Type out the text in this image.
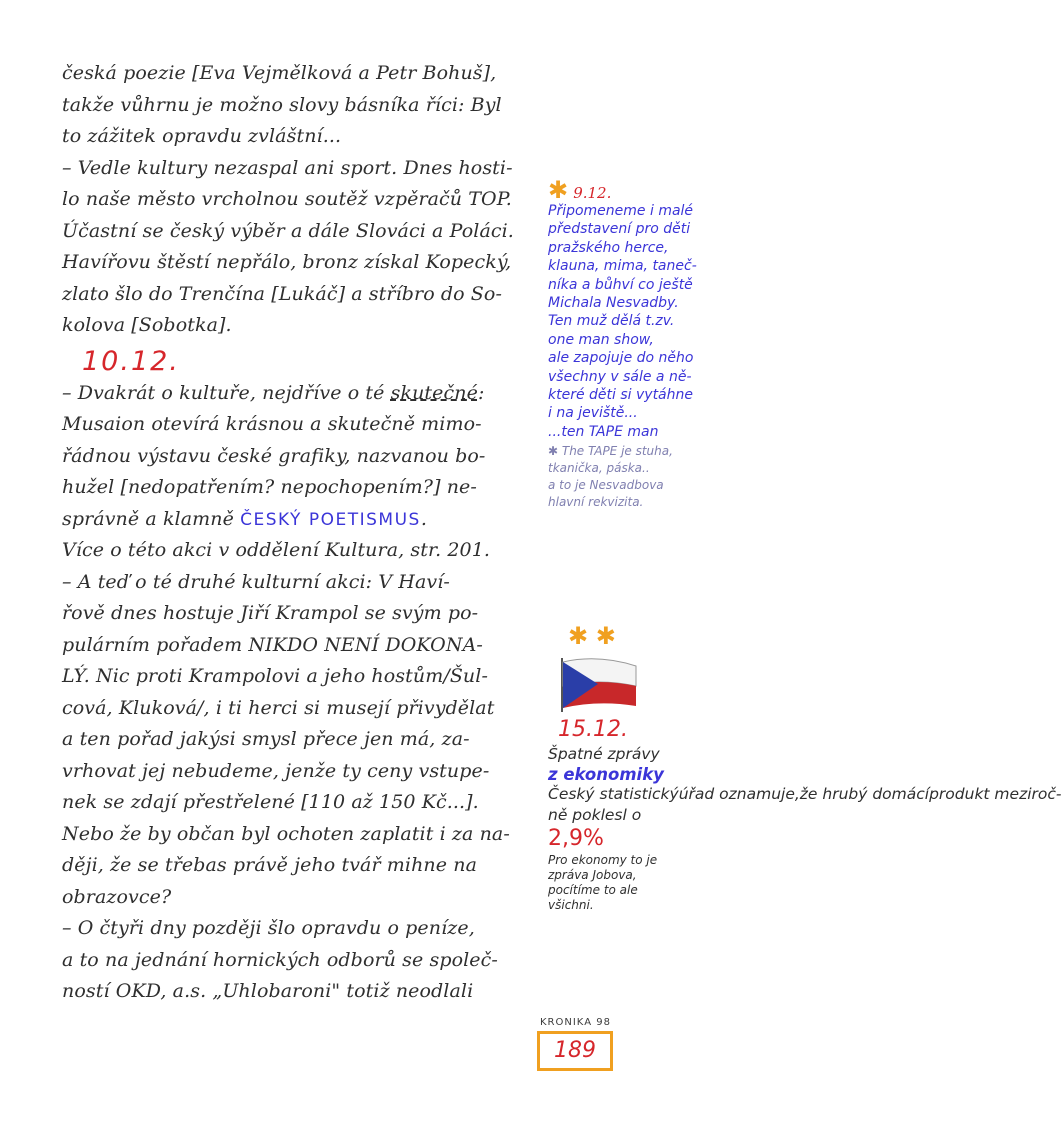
česká poezie [Eva Vejmělková a Petr Bohuš],
takže vůhrnu je možno slovy básníka říci: Byl
to zážitek opravdu zvláštní...
– Vedle kultury nezaspal ani sport. Dnes hosti-
lo naše město vrcholnou soutěž vzpěračů TOP.
Účastní se český výběr a dále Slováci a Poláci.
Havířovu štěstí nepřálo, bronz získal Kopecký,
zlato šlo do Trenčína [Lukáč] a stříbro do So-
kolova [Sobotka].
10.12.
– Dvakrát o kultuře, nejdříve o té skutečné:
Musaion otevírá krásnou a skutečně mimo-
řádnou výstavu české grafiky, nazvanou bo-
hužel [nedopatřením? nepochopením?] ne-
správně a klamně ČESKÝ POETISMUS.
Více o této akci v oddělení Kultura, str. 201.
– A teď o té druhé kulturní akci: V Haví-
řově dnes hostuje Jiří Krampol se svým po-
pulárním pořadem NIKDO NENÍ DOKONA-
LÝ. Nic proti Krampolovi a jeho hostům/Šul-
cová, Kluková/, i ti herci si musejí přivydělat
a ten pořad jakýsi smysl přece jen má, za-
vrhovat jej nebudeme, jenže ty ceny vstupe-
nek se zdají přestřelené [110 až 150 Kč...].
Nebo že by občan byl ochoten zaplatit i za na-
ději, že se třebas právě jeho tvář mihne na
obrazovce?
– O čtyři dny později šlo opravdu o peníze,
a to na jednání hornických odborů se společ-
ností OKD, a.s. „Uhlobaroni" totiž neodlali
✱ 9.12.
Připomeneme i malé
představení pro děti
pražského herce,
klauna, mima, taneč-
níka a bůhví co ještě
Michala Nesvadby.
Ten muž dělá t.zv.
one man show,
ale zapojuje do něho
všechny v sále a ně-
které děti si vytáhne
i na jeviště...
...ten TAPE man
✱ The TAPE je stuha,
tkanička, páska..
a to je Nesvadbova
hlavní rekvizita.
✱ ✱
15.12.
Špatné zprávy
z ekonomiky
Český statistickýúřad oznamuje,že hrubý domácíprodukt meziroč-ně poklesl o
2,9%
Pro ekonomy to je
zpráva Jobova,
pocítíme to ale
všichni.
KRONIKA 98
189
